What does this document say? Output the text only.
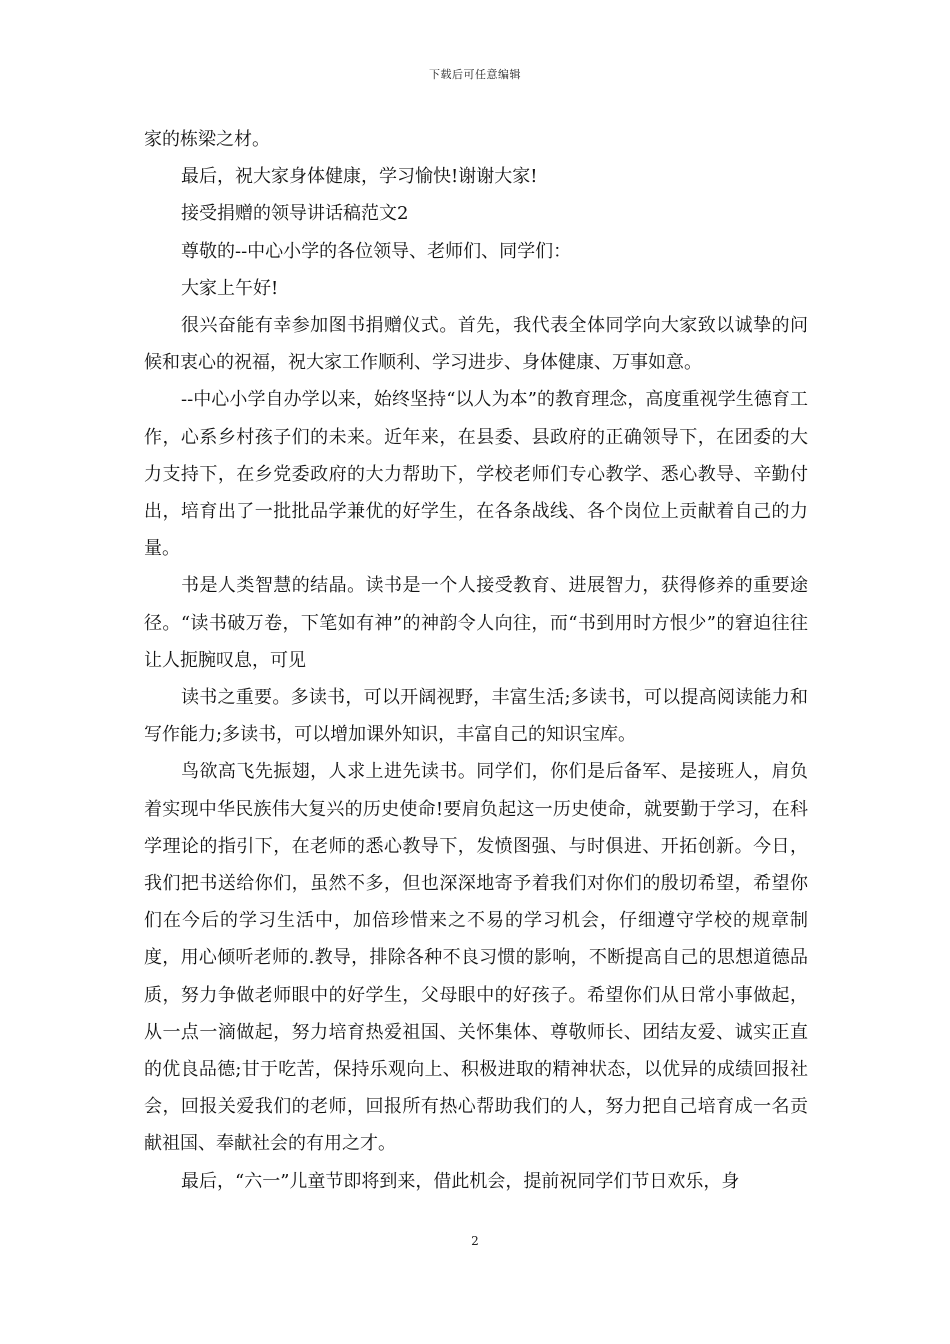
下载后可任意编辑

家的栋梁之材。

最后，祝大家身体健康，学习愉快!谢谢大家!

接受捐赠的领导讲话稿范文2

尊敬的--中心小学的各位领导、老师们、同学们：

大家上午好!

很兴奋能有幸参加图书捐赠仪式。首先，我代表全体同学向大家致以诚挚的问候和衷心的祝福，祝大家工作顺利、学习进步、身体健康、万事如意。

--中心小学自办学以来，始终坚持“以人为本”的教育理念，高度重视学生德育工作，心系乡村孩子们的未来。近年来，在县委、县政府的正确领导下，在团委的大力支持下，在乡党委政府的大力帮助下，学校老师们专心教学、悉心教导、辛勤付出，培育出了一批批品学兼优的好学生，在各条战线、各个岗位上贡献着自己的力量。

书是人类智慧的结晶。读书是一个人接受教育、进展智力，获得修养的重要途径。“读书破万卷，下笔如有神”的神韵令人向往，而“书到用时方恨少”的窘迫往往让人扼腕叹息，可见

读书之重要。多读书，可以开阔视野，丰富生活;多读书，可以提高阅读能力和写作能力;多读书，可以增加课外知识，丰富自己的知识宝库。

鸟欲高飞先振翅，人求上进先读书。同学们，你们是后备军、是接班人，肩负着实现中华民族伟大复兴的历史使命!要肩负起这一历史使命，就要勤于学习，在科学理论的指引下，在老师的悉心教导下，发愤图强、与时俱进、开拓创新。今日，我们把书送给你们，虽然不多，但也深深地寄予着我们对你们的殷切希望，希望你们在今后的学习生活中，加倍珍惜来之不易的学习机会，仔细遵守学校的规章制度，用心倾听老师的.教导，排除各种不良习惯的影响，不断提高自己的思想道德品质，努力争做老师眼中的好学生，父母眼中的好孩子。希望你们从日常小事做起，从一点一滴做起，努力培育热爱祖国、关怀集体、尊敬师长、团结友爱、诚实正直的优良品德;甘于吃苦，保持乐观向上、积极进取的精神状态，以优异的成绩回报社会，回报关爱我们的老师，回报所有热心帮助我们的人，努力把自己培育成一名贡献祖国、奉献社会的有用之才。

最后，“六一”儿童节即将到来，借此机会，提前祝同学们节日欢乐，身

2
